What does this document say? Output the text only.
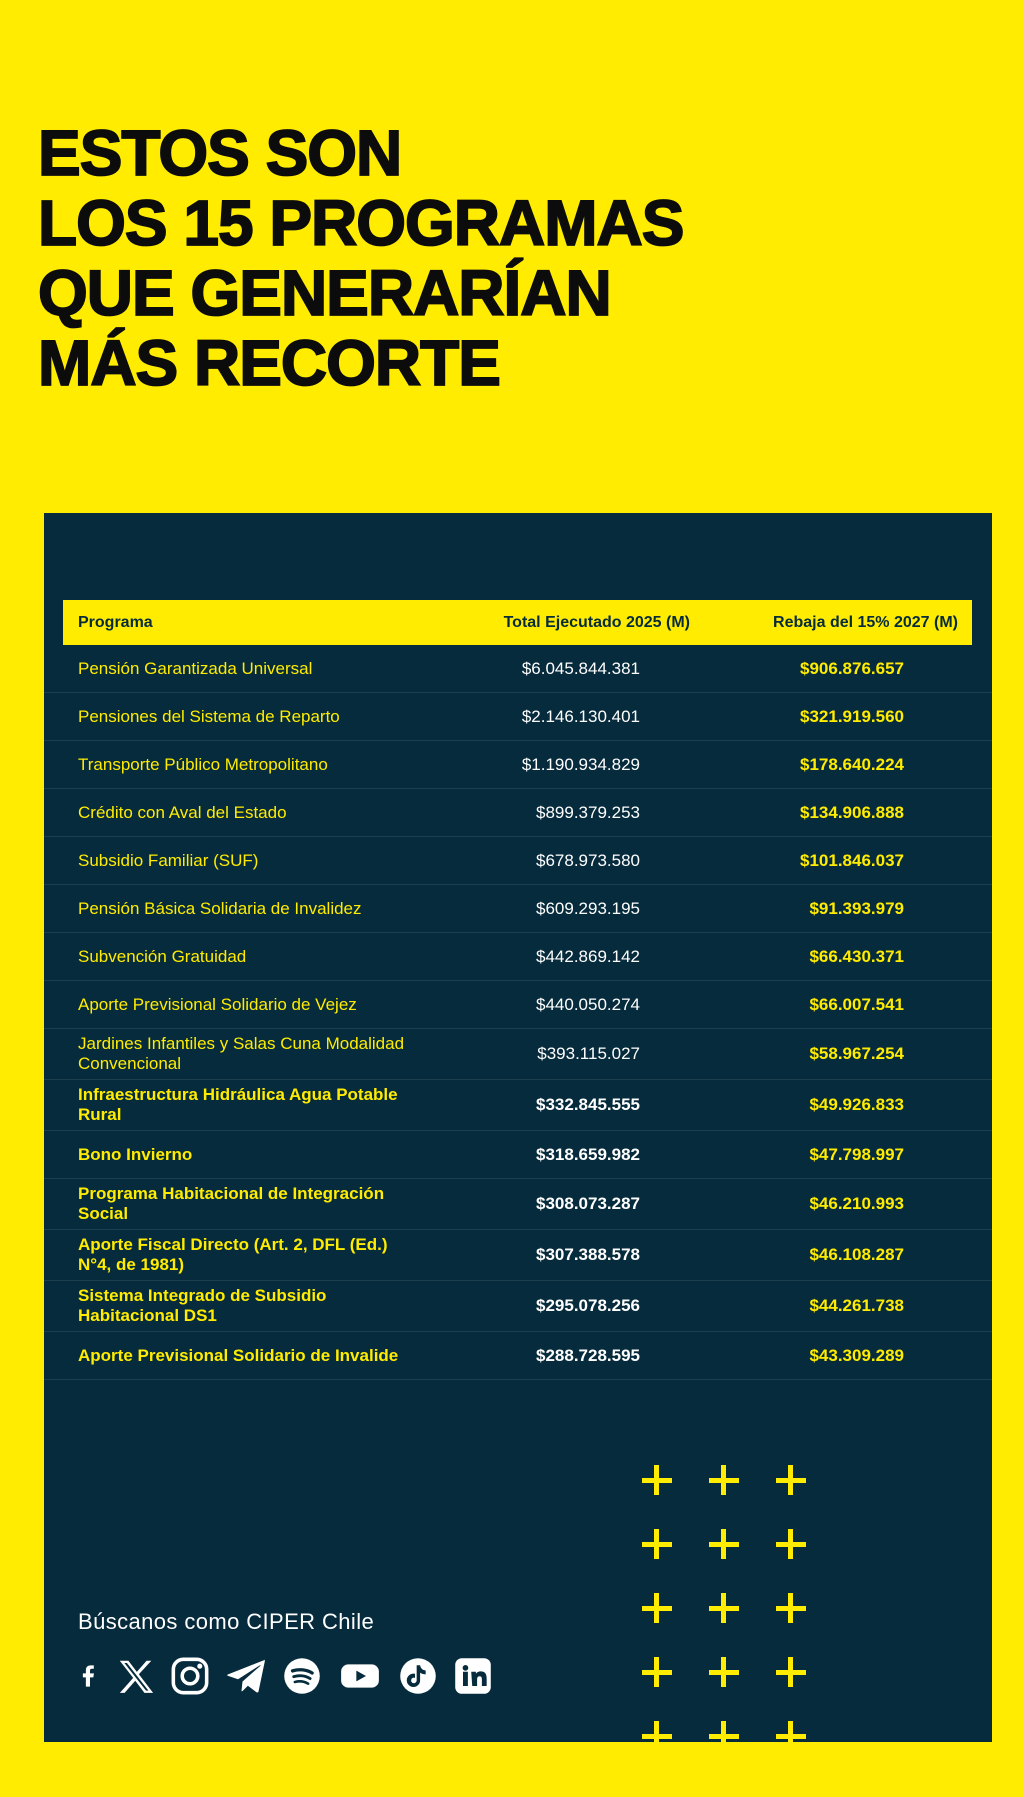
ESTOS SON
LOS 15 PROGRAMAS
QUE GENERARÍAN
MÁS RECORTE
Programa	Total Ejecutado 2025 (M)	Rebaja del 15% 2027 (M)
Pensión Garantizada Universal	$6.045.844.381	$906.876.657
Pensiones del Sistema de Reparto	$2.146.130.401	$321.919.560
Transporte Público Metropolitano	$1.190.934.829	$178.640.224
Crédito con Aval del Estado	$899.379.253	$134.906.888
Subsidio Familiar (SUF)	$678.973.580	$101.846.037
Pensión Básica Solidaria de Invalidez	$609.293.195	$91.393.979
Subvención Gratuidad	$442.869.142	$66.430.371
Aporte Previsional Solidario de Vejez	$440.050.274	$66.007.541
Jardines Infantiles y Salas Cuna Modalidad Convencional
$393.115.027	$58.967.254
Infraestructura Hidráulica Agua Potable Rural
$332.845.555	$49.926.833
Bono Invierno	$318.659.982	$47.798.997
Programa Habitacional de Integración Social
$308.073.287	$46.210.993
Aporte Fiscal Directo (Art. 2, DFL (Ed.) N°4, de 1981)
$307.388.578	$46.108.287
Sistema Integrado de Subsidio Habitacional DS1
$295.078.256	$44.261.738
Aporte Previsional Solidario de Invalide	$288.728.595	$43.309.289
Búscanos como CIPER Chile
